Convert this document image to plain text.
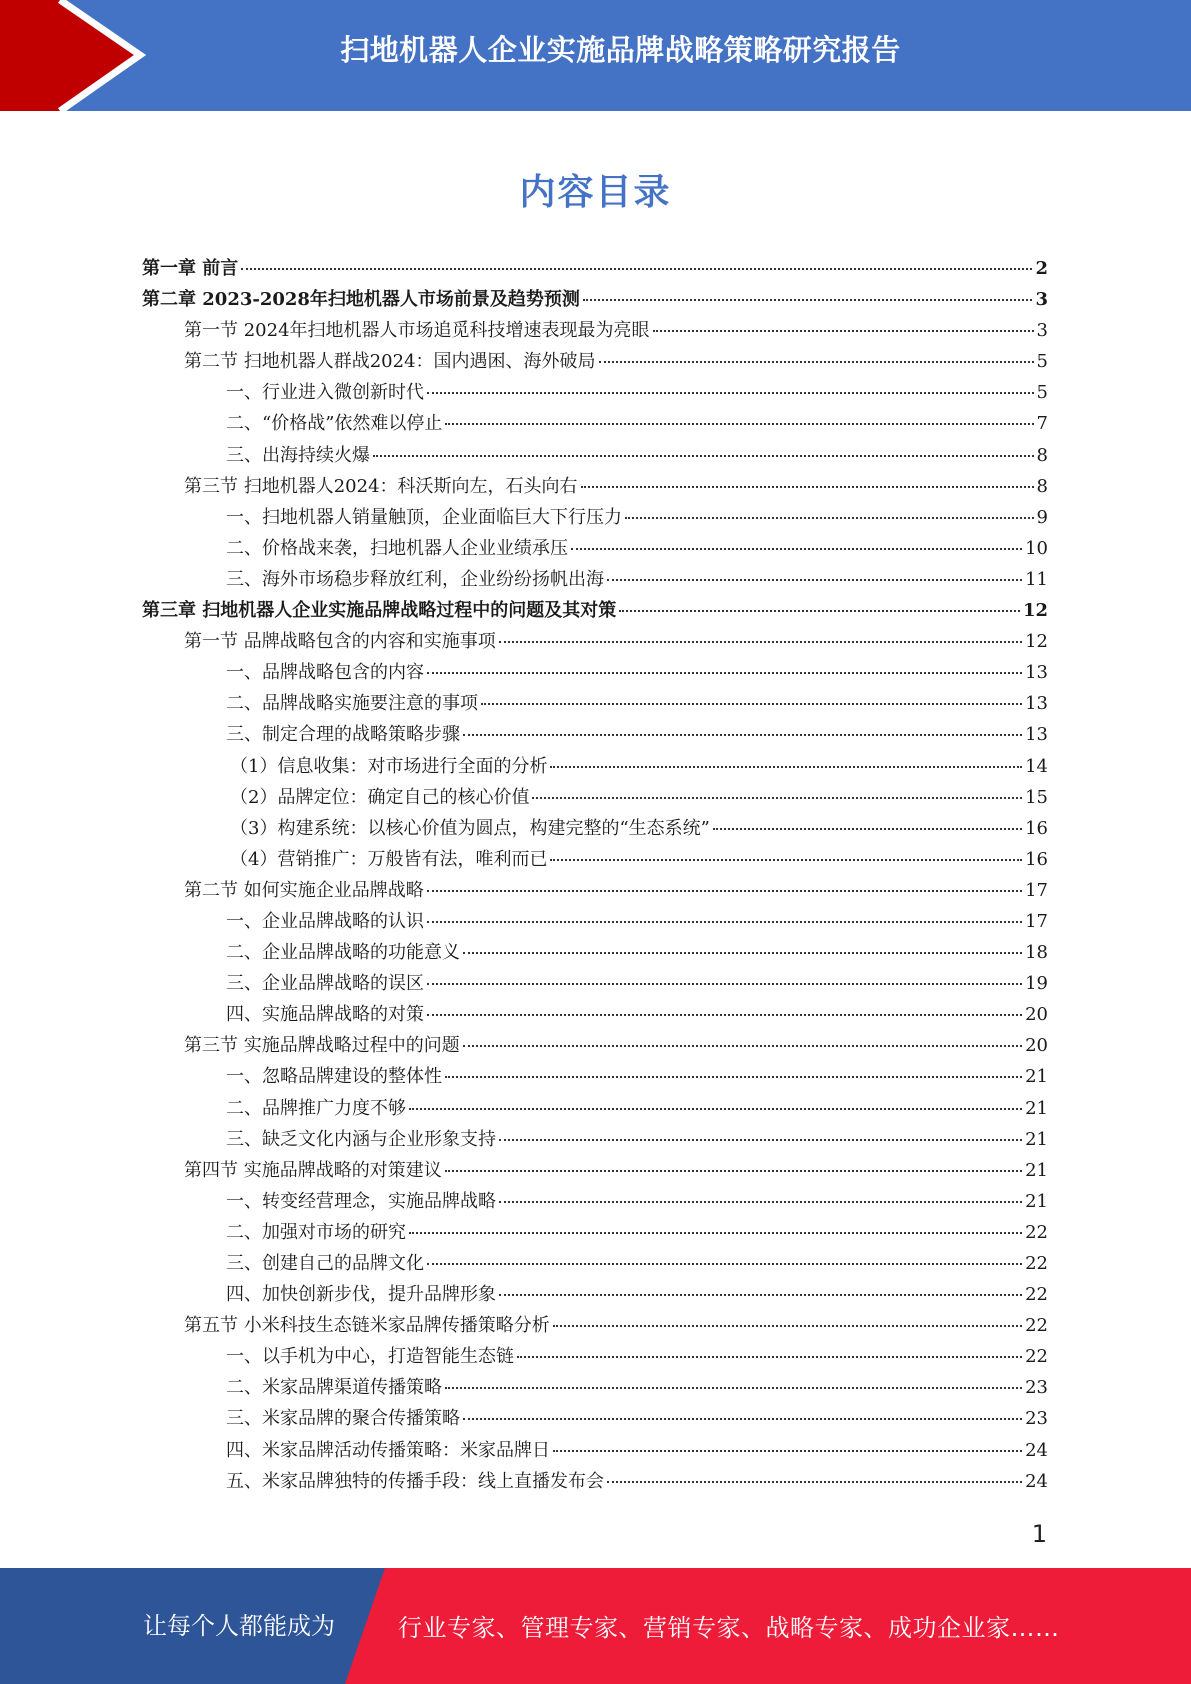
扫地机器人企业实施品牌战略策略研究报告
内容目录
第一章 前言	2
第二章 2023-2028年扫地机器人市场前景及趋势预测	3
第一节 2024年扫地机器人市场追觅科技增速表现最为亮眼	3
第二节 扫地机器人群战2024：国内遇困、海外破局	5
一、行业进入微创新时代	5
二、“价格战”依然难以停止	7
三、出海持续火爆	8
第三节 扫地机器人2024：科沃斯向左，石头向右	8
一、扫地机器人销量触顶，企业面临巨大下行压力	9
二、价格战来袭，扫地机器人企业业绩承压	10
三、海外市场稳步释放红利，企业纷纷扬帆出海	11
第三章 扫地机器人企业实施品牌战略过程中的问题及其对策	12
第一节 品牌战略包含的内容和实施事项	12
一、品牌战略包含的内容	13
二、品牌战略实施要注意的事项	13
三、制定合理的战略策略步骤	13
（1）信息收集：对市场进行全面的分析	14
（2）品牌定位：确定自己的核心价值	15
（3）构建系统：以核心价值为圆点，构建完整的“生态系统”	16
（4）营销推广：万般皆有法，唯利而已	16
第二节 如何实施企业品牌战略	17
一、企业品牌战略的认识	17
二、企业品牌战略的功能意义	18
三、企业品牌战略的误区	19
四、实施品牌战略的对策	20
第三节 实施品牌战略过程中的问题	20
一、忽略品牌建设的整体性	21
二、品牌推广力度不够	21
三、缺乏文化内涵与企业形象支持	21
第四节 实施品牌战略的对策建议	21
一、转变经营理念，实施品牌战略	21
二、加强对市场的研究	22
三、创建自己的品牌文化	22
四、加快创新步伐，提升品牌形象	22
第五节 小米科技生态链米家品牌传播策略分析	22
一、以手机为中心，打造智能生态链	22
二、米家品牌渠道传播策略	23
三、米家品牌的聚合传播策略	23
四、米家品牌活动传播策略：米家品牌日	24
五、米家品牌独特的传播手段：线上直播发布会	24
1
让每个人都能成为	行业专家、管理专家、营销专家、战略专家、成功企业家……
